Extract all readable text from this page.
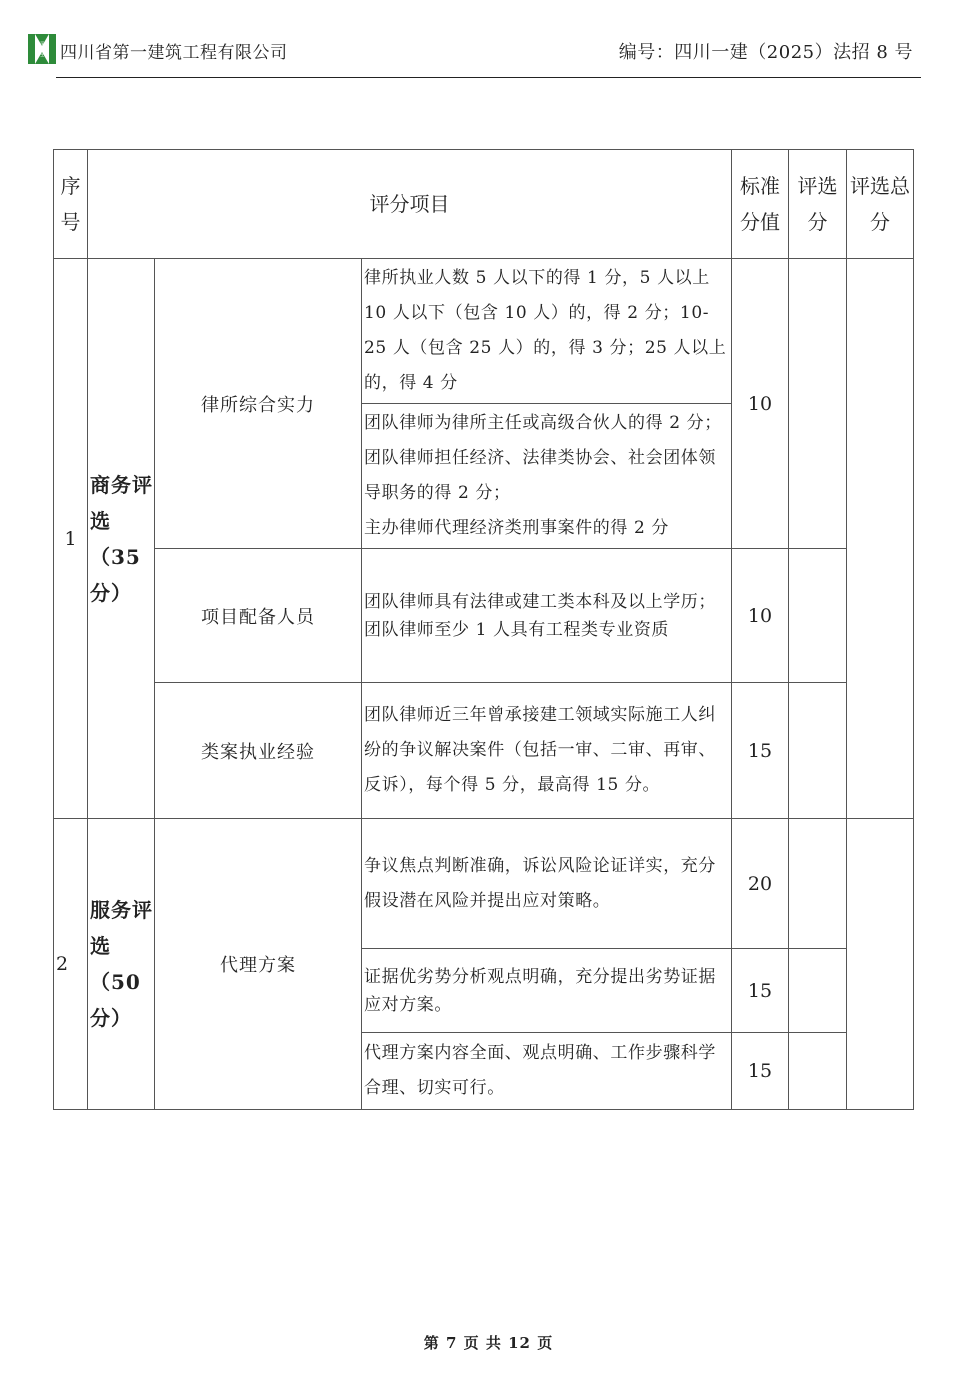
HUASHI 四川省第一建筑工程有限公司	编号：四川一建（2025）法招 8 号
序号	评分项目			标准分值	评选分	评选总分
1	商务评选（35分）	律所综合实力	律所执业人数 5 人以下的得 1 分，5 人以上 10 人以下（包含 10 人）的，得 2 分；10-25 人（包含 25 人）的，得 3 分；25 人以上的，得 4 分	10		
			团队律师为律所主任或高级合伙人的得 2 分；团队律师担任经济、法律类协会、社会团体领导职务的得 2 分；
主办律师代理经济类刑事案件的得 2 分			
		项目配备人员	团队律师具有法律或建工类本科及以上学历；
团队律师至少 1 人具有工程类专业资质	10		
		类案执业经验	团队律师近三年曾承接建工领域实际施工人纠纷的争议解决案件（包括一审、二审、再审、反诉），每个得 5 分，最高得 15 分。	15		

2	服务评选（50分）	代理方案	争议焦点判断准确，诉讼风险论证详实，充分假设潜在风险并提出应对策略。	20		
			证据优劣势分析观点明确，充分提出劣势证据应对方案。	15		
			代理方案内容全面、观点明确、工作步骤科学合理、切实可行。	15		
第 7 页 共 12 页
